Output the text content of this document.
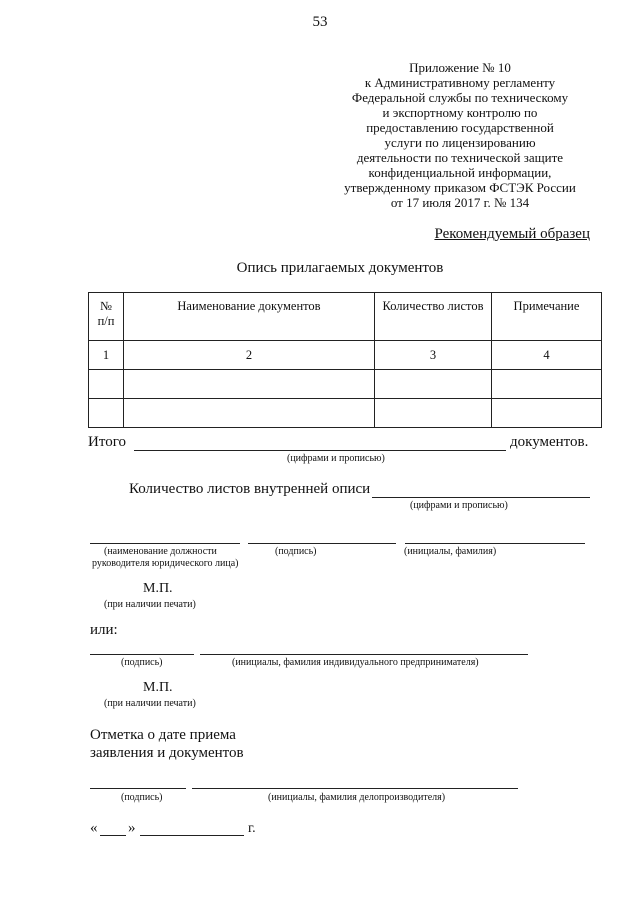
53
Приложение № 10
к Административному регламенту
Федеральной службы по техническому
и экспортному контролю по
предоставлению государственной
услуги по лицензированию
деятельности по технической защите
конфиденциальной информации,
утвержденному приказом ФСТЭК России
от 17 июля 2017 г. № 134
Рекомендуемый образец
Опись прилагаемых документов
№
п/п	Наименование документов	Количество листов	Примечание
1	2	3	4

Итого	документов.
(цифрами и прописью)
Количество листов внутренней описи
(цифрами и прописью)
(наименование должности
руководителя юридического лица)
(подпись)	(инициалы, фамилия)
М.П.
(при наличии печати)
или:
(подпись)	(инициалы, фамилия индивидуального предпринимателя)
М.П.
(при наличии печати)
Отметка о дате приема
заявления и документов
(подпись)	(инициалы, фамилия делопроизводителя)
« »	г.
